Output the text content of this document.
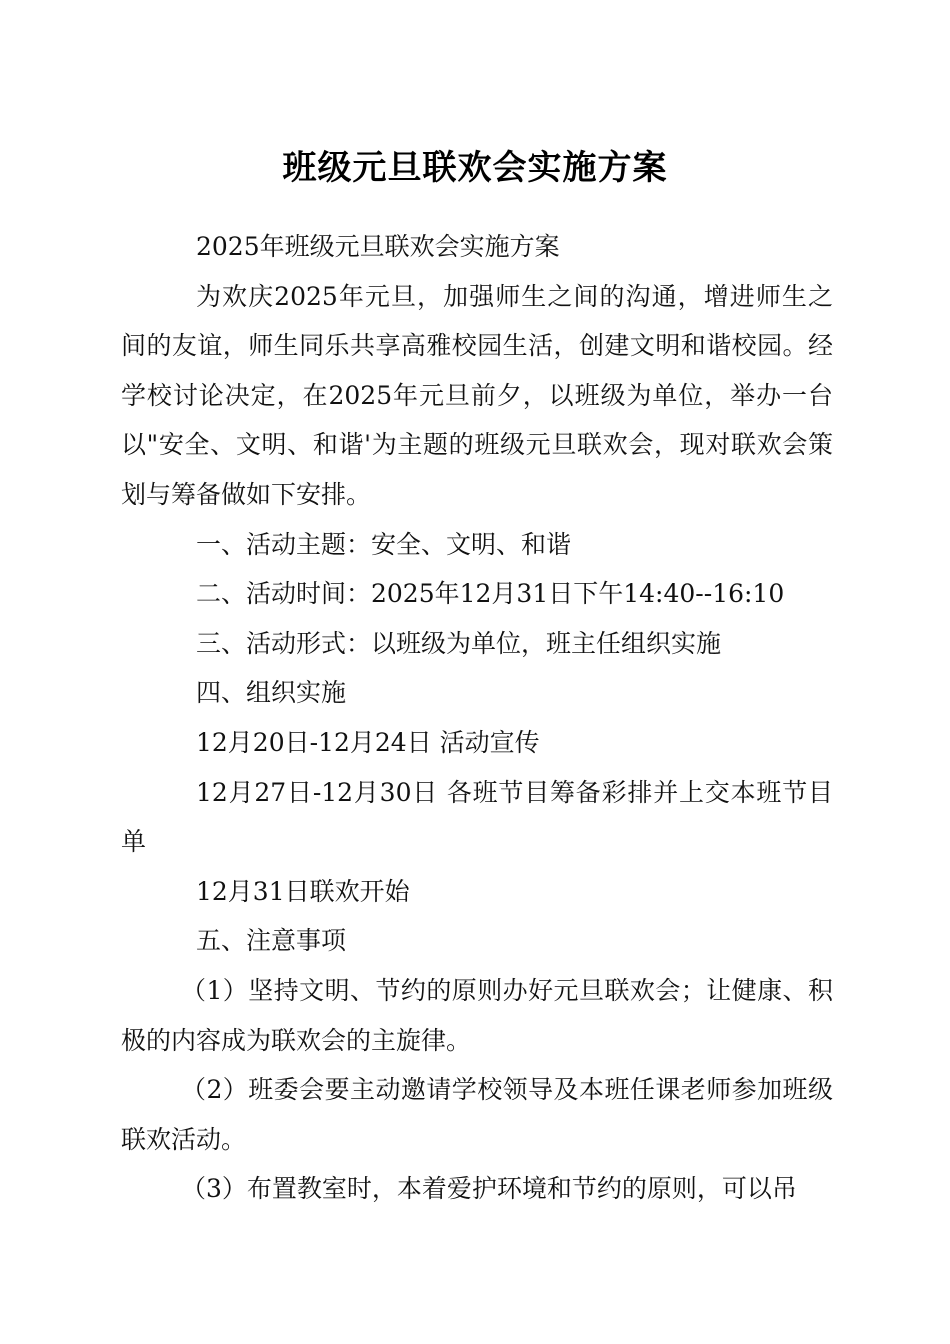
班级元旦联欢会实施方案

2025年班级元旦联欢会实施方案

为欢庆2025年元旦，加强师生之间的沟通，增进师生之间的友谊，师生同乐共享高雅校园生活，创建文明和谐校园。经学校讨论决定，在2025年元旦前夕，以班级为单位，举办一台以"安全、文明、和谐'为主题的班级元旦联欢会，现对联欢会策划与筹备做如下安排。

一、活动主题：安全、文明、和谐

二、活动时间：2025年12月31日下午14:40--16:10

三、活动形式：以班级为单位，班主任组织实施

四、组织实施

12月20日-12月24日 活动宣传

12月27日-12月30日 各班节目筹备彩排并上交本班节目单

12月31日联欢开始

五、注意事项

（1）坚持文明、节约的原则办好元旦联欢会；让健康、积极的内容成为联欢会的主旋律。

（2）班委会要主动邀请学校领导及本班任课老师参加班级联欢活动。

（3）布置教室时，本着爱护环境和节约的原则，可以吊
